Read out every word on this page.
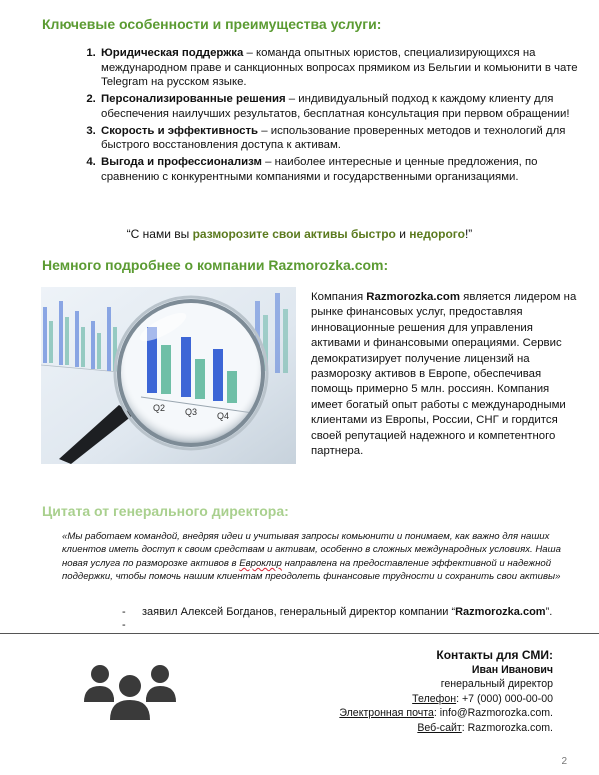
Ключевые особенности и преимущества услуги:
1. Юридическая поддержка – команда опытных юристов, специализирующихся на международном праве и санкционных вопросах прямиком из Бельгии и комьюнити в чате Telegram на русском языке.
2. Персонализированные решения – индивидуальный подход к каждому клиенту для обеспечения наилучших результатов, бесплатная консультация при первом обращении!
3. Скорость и эффективность – использование проверенных методов и технологий для быстрого восстановления доступа к активам.
4. Выгода и профессионализм – наиболее интересные и ценные предложения, по сравнению с конкурентными компаниями и государственными организациями.
“С нами вы разморозите свои активы быстро и недорого!”
Немного подробнее о компании Razmorozka.com:
Компания Razmorozka.com является лидером на рынке финансовых услуг, предоставляя инновационные решения для управления активами и финансовыми операциями. Сервис демократизирует получение лицензий на разморозку активов в Европе, обеспечивая помощь примерно 5 млн. россиян. Компания имеет богатый опыт работы с международными клиентами из Европы, России, СНГ и гордится своей репутацией надежного и компетентного партнера.
Цитата от генерального директора:
«Мы работаем командой, внедряя идеи и учитывая запросы комьюнити и понимаем, как важно для наших клиентов иметь доступ к своим средствам и активам, особенно в сложных международных условиях. Наша новая услуга по разморозке активов в Евроклир направлена на предоставление эффективной и надежной поддержки, чтобы помочь нашим клиентам преодолеть финансовые трудности и сохранить свои активы»
- заявил Алексей Богданов, генеральный директор компании “Razmorozka.com”.
-
Контакты для СМИ:
Иван Иванович
генеральный директор
Телефон: +7 (000) 000-00-00
Электронная почта: info@Razmorozka.com.
Веб-сайт: Razmorozka.com.
2
